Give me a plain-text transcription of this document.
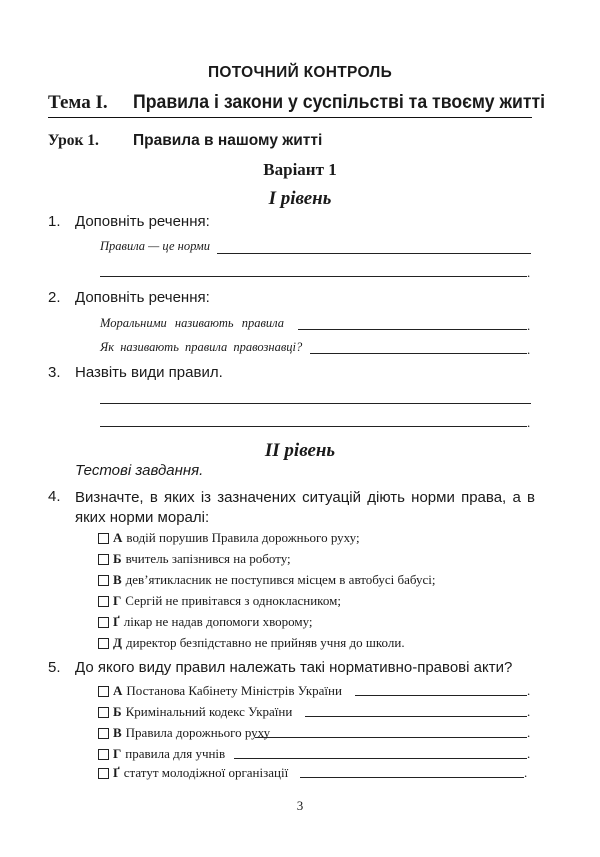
ПОТОЧНИЙ КОНТРОЛЬ
Тема I. Правила і закони у суспільстві та твоєму житті
Урок 1. Правила в нашому житті
Варіант 1
І рівень
1. Доповніть речення:
Правила — це норми
.
2. Доповніть речення:
Моральними називають правила	.
Як називають правила правознавці?	.
3. Назвіть види правил.
.
ІІ рівень
Тестові завдання.
4. Визначте, в яких із зазначених ситуацій діють норми права, а в яких норми моралі:
А водій порушив Правила дорожнього руху;
Б вчитель запізнився на роботу;
В дев’ятикласник не поступився місцем в автобусі бабусі;
Г Сергій не привітався з однокласником;
Ґ лікар не надав допомоги хворому;
Д директор безпідставно не прийняв учня до школи.
5. До якого виду правил належать такі нормативно-правові акти?
А Постанова Кабінету Міністрів України	.
Б Кримінальний кодекс України	.
В Правила дорожнього руху	.
Г правила для учнів	.
Ґ статут молодіжної організації	.
3
